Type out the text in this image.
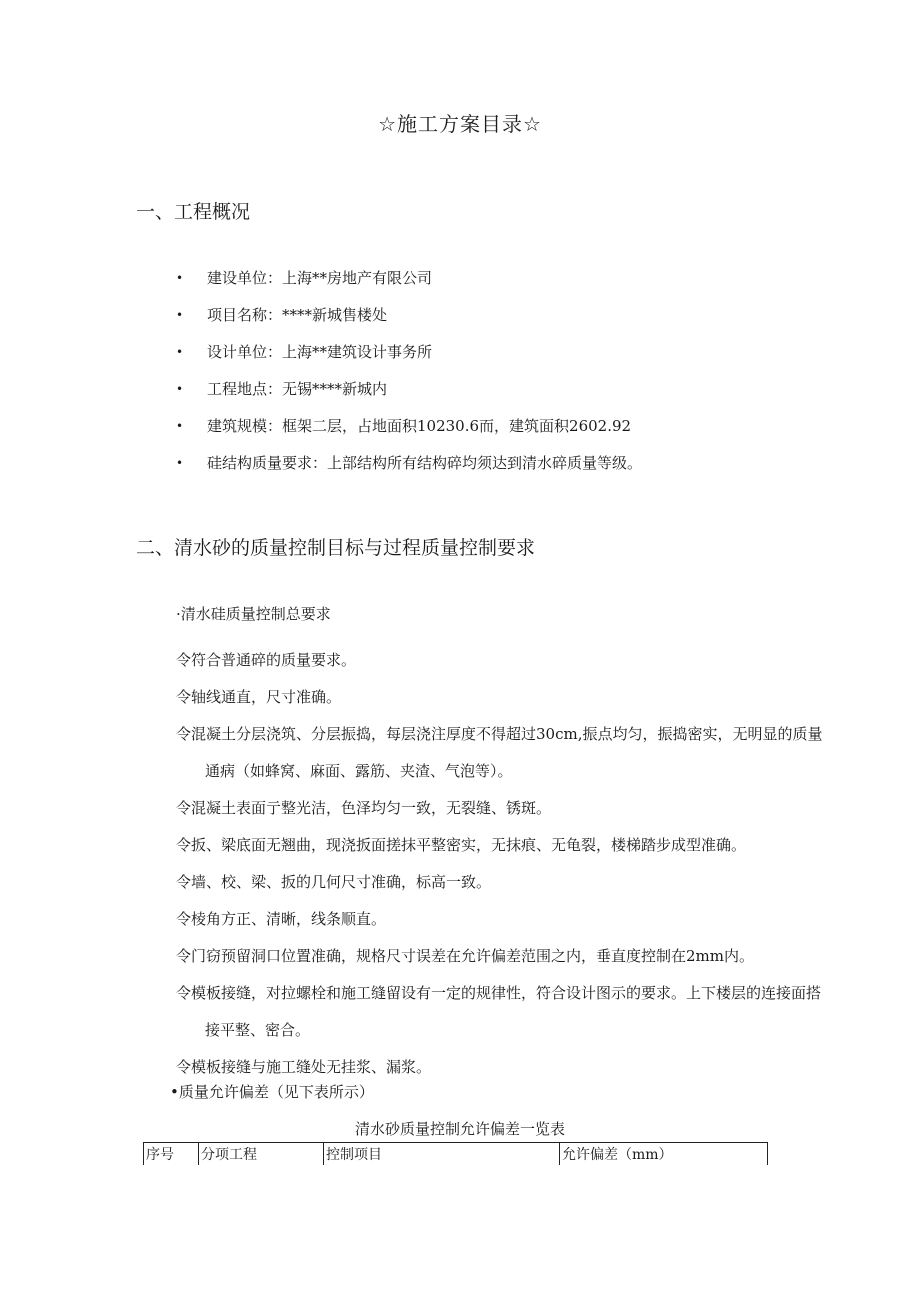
☆施工方案目录☆
一、工程概况
•	建设单位：上海**房地产有限公司
•	项目名称：****新城售楼处
•	设计单位：上海**建筑设计事务所
•	工程地点：无锡****新城内
•	建筑规模：框架二层，占地面积10230.6而，建筑面积2602.92
•	硅结构质量要求：上部结构所有结构碎均须达到清水碎质量等级。
二、清水砂的质量控制目标与过程质量控制要求
·清水硅质量控制总要求
令符合普通碎的质量要求。
令轴线通直，尺寸准确。
令混凝土分层浇筑、分层振捣，每层浇注厚度不得超过30cm,振点均匀，振捣密实，无明显的质量通病（如蜂窝、麻面、露筋、夹渣、气泡等）。
令混凝土表面亍整光洁，色泽均匀一致，无裂缝、锈斑。
令扳、梁底面无翘曲，现浇扳面搓抹平整密实，无抹痕、无龟裂，楼梯踏步成型准确。
令墙、校、梁、扳的几何尺寸准确，标高一致。
令棱角方正、清晰，线条顺直。
令门窃预留洞口位置准确，规格尺寸误差在允许偏差范围之内，垂直度控制在2mm内。
令模板接缝，对拉螺栓和施工缝留设有一定的规律性，符合设计图示的要求。上下楼层的连接面搭接平整、密合。
令模板接缝与施工缝处无挂浆、漏浆。
•质量允许偏差（见下表所示）
清水砂质量控制允许偏差一览表
序号	分项工程	控制项目	允许偏差（mm）
